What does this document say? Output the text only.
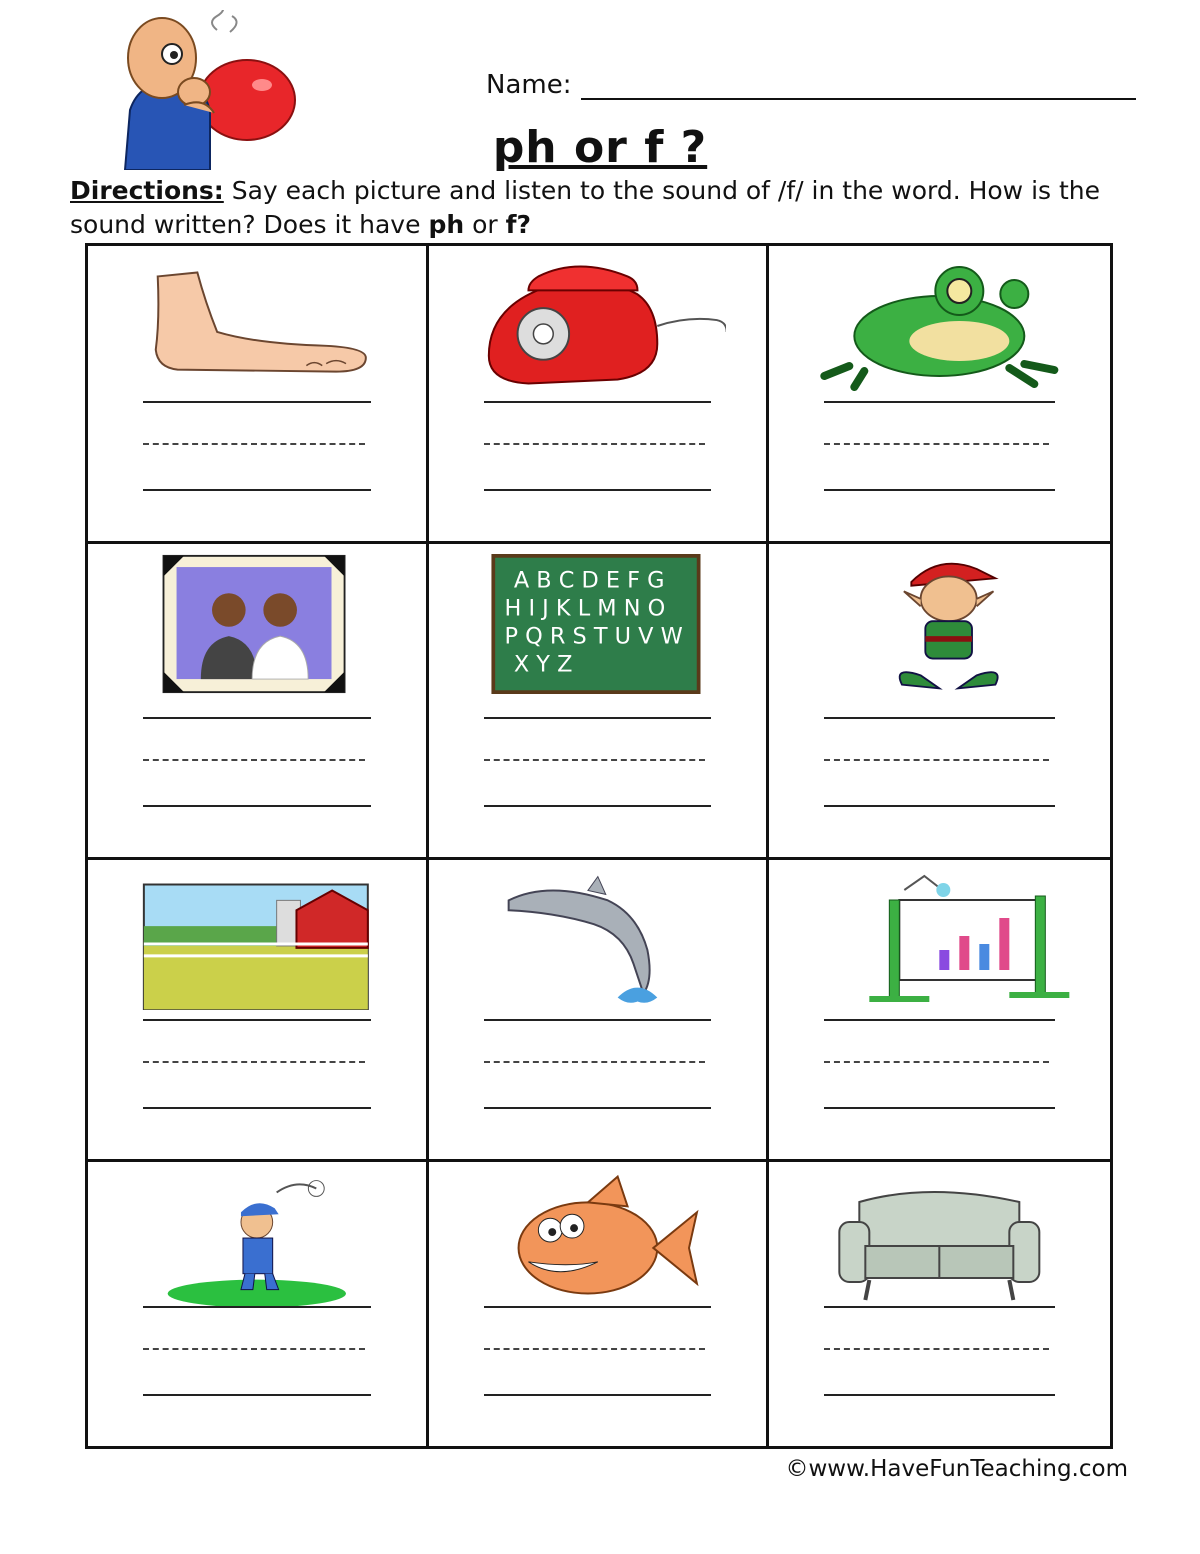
Name:
ph or f ?
Directions: Say each picture and listen to the sound of /f/ in the word. How is the sound written? Does it have ph or f?
A B C D E F G
H I J K L M N O
P Q R S T U V W
X Y Z
©www.HaveFunTeaching.com
